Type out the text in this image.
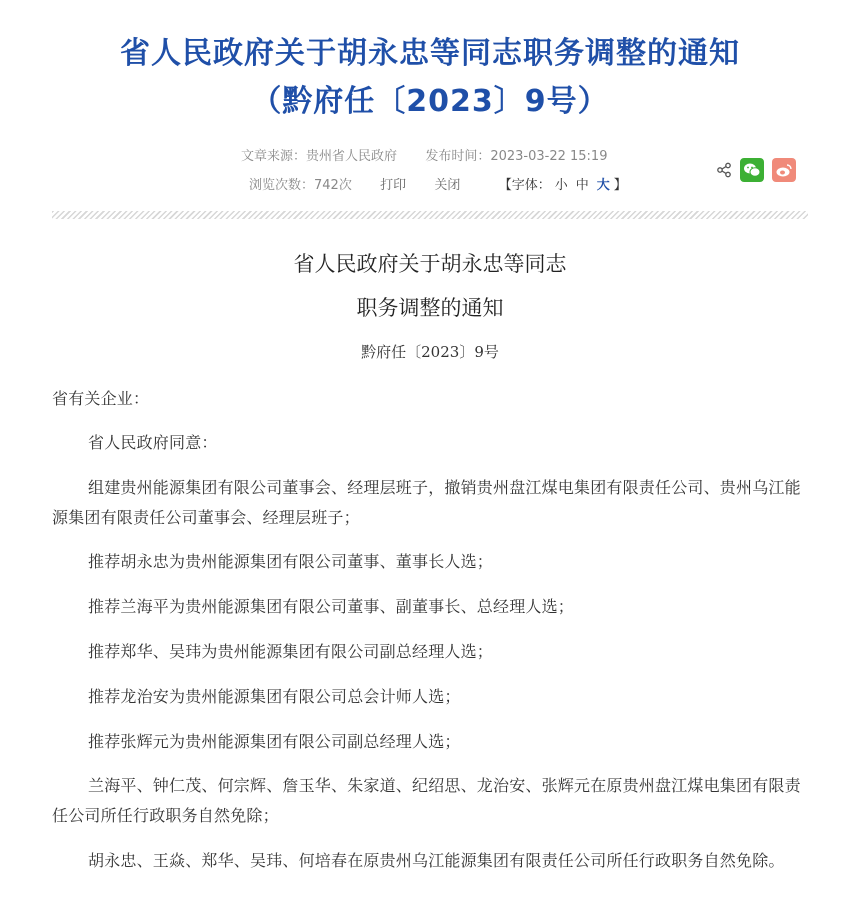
省人民政府关于胡永忠等同志职务调整的通知
（黔府任〔2023〕9号）
文章来源：贵州省人民政府 发布时间：2023-03-22 15:19
浏览次数：742次 打印 关闭	【字体： 小 中 大 】
省人民政府关于胡永忠等同志
职务调整的通知
黔府任〔2023〕9号
省有关企业：
省人民政府同意：
组建贵州能源集团有限公司董事会、经理层班子，撤销贵州盘江煤电集团有限责任公司、贵州乌江能源集团有限责任公司董事会、经理层班子；
推荐胡永忠为贵州能源集团有限公司董事、董事长人选；
推荐兰海平为贵州能源集团有限公司董事、副董事长、总经理人选；
推荐郑华、吴玮为贵州能源集团有限公司副总经理人选；
推荐龙治安为贵州能源集团有限公司总会计师人选；
推荐张辉元为贵州能源集团有限公司副总经理人选；
兰海平、钟仁茂、何宗辉、詹玉华、朱家道、纪绍思、龙治安、张辉元在原贵州盘江煤电集团有限责任公司所任行政职务自然免除；
胡永忠、王焱、郑华、吴玮、何培春在原贵州乌江能源集团有限责任公司所任行政职务自然免除。
